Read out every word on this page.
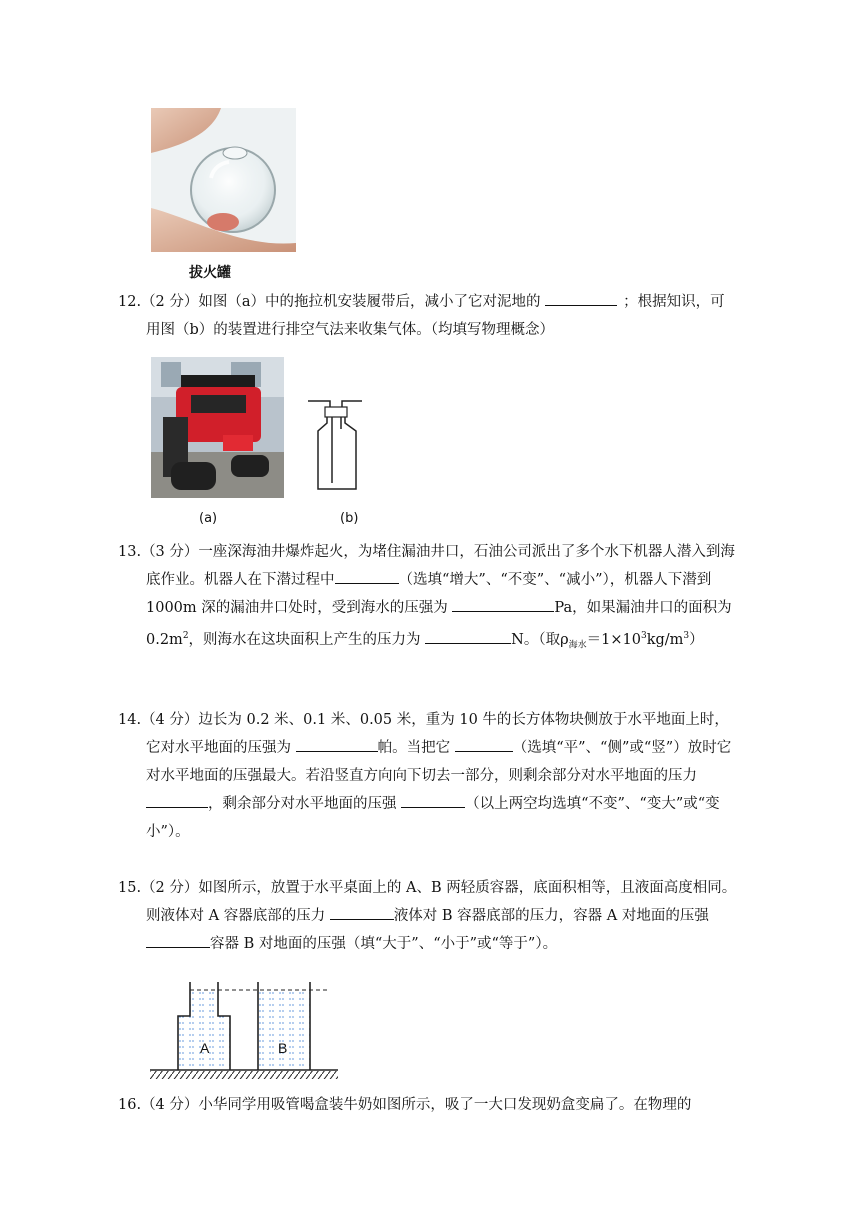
拔火罐

12.（2 分）如图（a）中的拖拉机安装履带后，减小了它对泥地的	；根据知识，可用图（b）的装置进行排空气法来收集气体。（均填写物理概念）

(a)	(b)

13.（3 分）一座深海油井爆炸起火，为堵住漏油井口，石油公司派出了多个水下机器人潜入到海底作业。机器人在下潜过程中	（选填“增大”、“不变”、“减小”），机器人下潜到1000m 深的漏油井口处时，受到海水的压强为	Pa，如果漏油井口的面积为 $0.2m^2$，则海水在这块面积上产生的压力为	N。（取$\rho_{海水}=1\times 10^3kg/m^3$）

14.（4 分）边长为 0.2 米、0.1 米、0.05 米，重为 10 牛的长方体物块侧放于水平地面上时，它对水平地面的压强为	帕。当把它	（选填“平”、“侧”或“竖”）放时它对水平地面的压强最大。若沿竖直方向向下切去一部分，则剩余部分对水平地面的压力 ，剩余部分对水平地面的压强	（以上两空均选填“不变”、“变大”或“变小”）。

15.（2 分）如图所示，放置于水平桌面上的 A、B 两轻质容器，底面积相等，且液面高度相同。则液体对 A 容器底部的压力	液体对 B 容器底部的压力，容器 A 对地面的压强 容器 B 对地面的压强（填“大于”、“小于”或“等于”）。

A	B

16.（4 分）小华同学用吸管喝盒装牛奶如图所示，吸了一大口发现奶盒变扁了。在物理的
